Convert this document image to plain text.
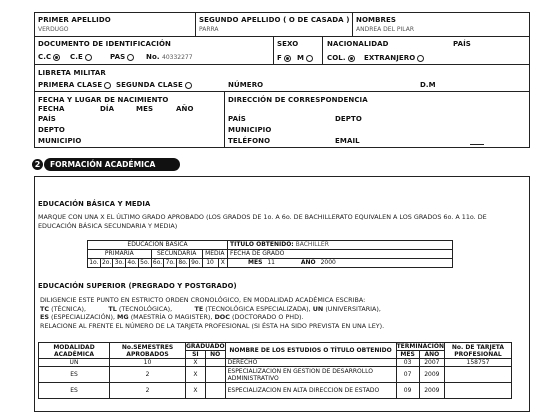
PRIMER APELLIDO
VERDUGO
SEGUNDO APELLIDO ( O DE CASADA )
PARRA
NOMBRES
ANDREA DEL PILAR
DOCUMENTO DE IDENTIFICACIÓN
C.C	C.E	PAS	No. 40332277
SEXO
F	M
NACIONALIDAD	PAÍS
COL.	EXTRANJERO
LIBRETA MILITAR
PRIMERA CLASE	SEGUNDA CLASE	NÚMERO	D.M
FECHA Y LUGAR DE NACIMIENTO
FECHA	DÍA	MES	AÑO
PAÍS
DEPTO
MUNICIPIO
DIRECCIÓN DE CORRESPONDENCIA
PAÍS	DEPTO
MUNICIPIO
TELÉFONO	EMAIL
2	FORMACIÓN ACADÉMICA
EDUCACIÓN BÁSICA Y MEDIA
MARQUE CON UNA X EL ÚLTIMO GRADO APROBADO (LOS GRADOS DE 1o. A 6o. DE BACHILLERATO EQUIVALEN A LOS GRADOS 6o. A 11o. DE EDUCACIÓN BÁSICA SECUNDARIA Y MEDIA)
EDUCACION BASICA											TÍTULO OBTENIDO: BACHILLER
PRIMARIA					SECUNDARIA				MEDIA		FECHA DE GRADO
1o.	2o.	3o.	4o.	5o.	6o.	7o.	8o.	9o.	10	X	MES 11 AÑO 2000
EDUCACIÓN SUPERIOR (PREGRADO Y POSTGRADO)
DILIGENCIE ESTE PUNTO EN ESTRICTO ORDEN CRONOLÓGICO, EN MODALIDAD ACADÉMICA ESCRIBA:
TC (TÉCNICA),	TL (TECNOLÓGICA),	TE (TECNOLÓGICA ESPECIALIZADA), UN (UNIVERSITARIA),
ES (ESPECIALIZACIÓN), MG (MAESTRÍA O MAGISTER), DOC (DOCTORADO O PHD).
RELACIONE AL FRENTE EL NÚMERO DE LA TARJETA PROFESIONAL (SI ÉSTA HA SIDO PREVISTA EN UNA LEY).
MODALIDAD ACADÉMICA	No.SEMESTRES APROBADOS	GRADUADO		NOMBRE DE LOS ESTUDIOS O TÍTULO OBTENIDO	TERMINACIÓN		No. DE TARJETA PROFESIONAL
		SI	NO		MES	AÑO	
UN	10	X		DERECHO	03	2007	158757
ES	2	X		ESPECIALIZACION EN GESTION DE DESARROLLO ADMINISTRATIVO	07	2009	
ES	2	X		ESPECIALIZACION EN ALTA DIRECCION DE ESTADO	09	2009	
